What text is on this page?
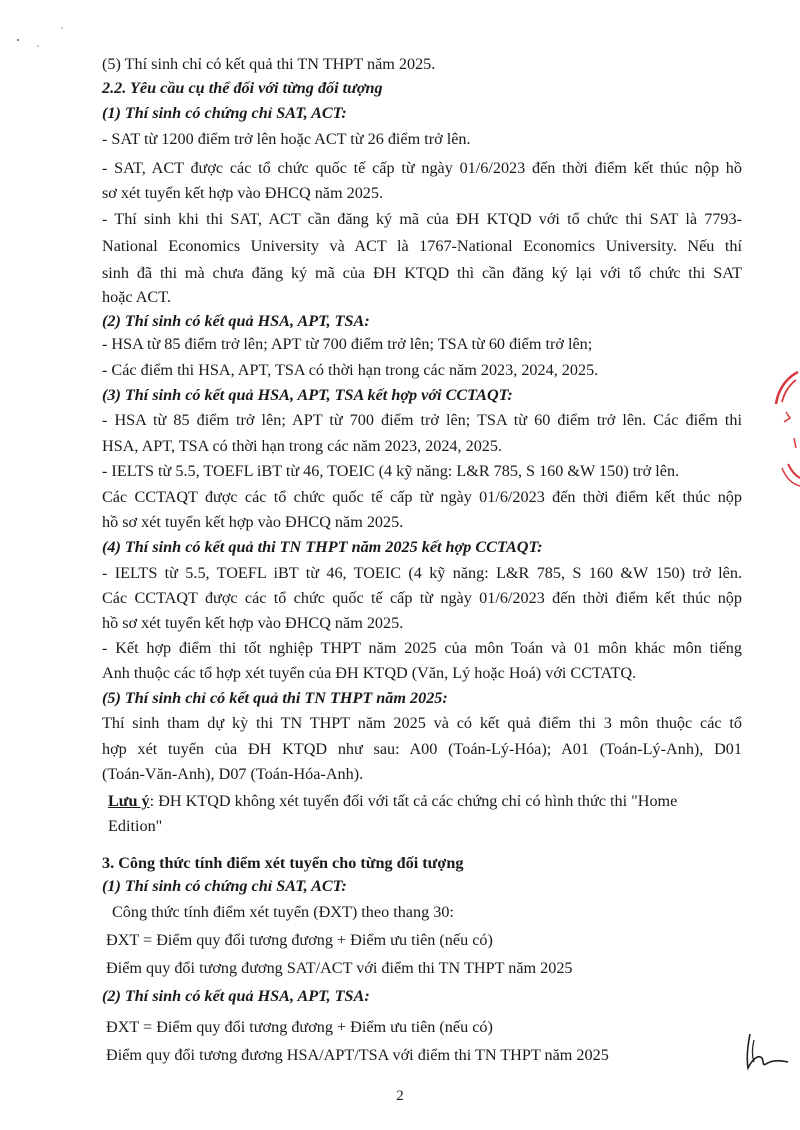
(5) Thí sinh chỉ có kết quả thi TN THPT năm 2025.
2.2. Yêu cầu cụ thể đối với từng đối tượng
(1) Thí sinh có chứng chỉ SAT, ACT:
- SAT từ 1200 điểm trở lên hoặc ACT từ 26 điểm trở lên.
- SAT, ACT được các tổ chức quốc tế cấp từ ngày 01/6/2023 đến thời điểm kết thúc nộp hồ
sơ xét tuyển kết hợp vào ĐHCQ năm 2025.
- Thí sinh khi thi SAT, ACT cần đăng ký mã của ĐH KTQD với tổ chức thi SAT là 7793-
National Economics University và ACT là 1767-National Economics University. Nếu thí
sinh đã thi mà chưa đăng ký mã của ĐH KTQD thì cần đăng ký lại với tổ chức thi SAT
hoặc ACT.
(2) Thí sinh có kết quả HSA, APT, TSA:
- HSA từ 85 điểm trở lên; APT từ 700 điểm trở lên; TSA từ 60 điểm trở lên;
- Các điểm thi HSA, APT, TSA có thời hạn trong các năm 2023, 2024, 2025.
(3) Thí sinh có kết quả HSA, APT, TSA kết hợp với CCTAQT:
- HSA từ 85 điểm trở lên; APT từ 700 điểm trở lên; TSA từ 60 điểm trở lên. Các điểm thi
HSA, APT, TSA có thời hạn trong các năm 2023, 2024, 2025.
- IELTS từ 5.5, TOEFL iBT từ 46, TOEIC (4 kỹ năng: L&R 785, S 160 &W 150) trở lên.
Các CCTAQT được các tổ chức quốc tế cấp từ ngày 01/6/2023 đến thời điểm kết thúc nộp
hồ sơ xét tuyển kết hợp vào ĐHCQ năm 2025.
(4) Thí sinh có kết quả thi TN THPT năm 2025 kết hợp CCTAQT:
- IELTS từ 5.5, TOEFL iBT từ 46, TOEIC (4 kỹ năng: L&R 785, S 160 &W 150) trở lên.
Các CCTAQT được các tổ chức quốc tế cấp từ ngày 01/6/2023 đến thời điểm kết thúc nộp
hồ sơ xét tuyển kết hợp vào ĐHCQ năm 2025.
- Kết hợp điểm thi tốt nghiệp THPT năm 2025 của môn Toán và 01 môn khác môn tiếng
Anh thuộc các tổ hợp xét tuyển của ĐH KTQD (Văn, Lý hoặc Hoá) với CCTATQ.
(5) Thí sinh chỉ có kết quả thi TN THPT năm 2025:
Thí sinh tham dự kỳ thi TN THPT năm 2025 và có kết quả điểm thi 3 môn thuộc các tổ
hợp xét tuyển của ĐH KTQD như sau: A00 (Toán-Lý-Hóa); A01 (Toán-Lý-Anh), D01
(Toán-Văn-Anh), D07 (Toán-Hóa-Anh).
Lưu ý: ĐH KTQD không xét tuyển đối với tất cả các chứng chỉ có hình thức thi "Home
Edition"
3. Công thức tính điểm xét tuyển cho từng đối tượng
(1) Thí sinh có chứng chỉ SAT, ACT:
Công thức tính điểm xét tuyển (ĐXT) theo thang 30:
ĐXT = Điểm quy đổi tương đương + Điểm ưu tiên (nếu có)
Điểm quy đổi tương đương SAT/ACT với điểm thi TN THPT năm 2025
(2) Thí sinh có kết quả HSA, APT, TSA:
ĐXT = Điểm quy đổi tương đương + Điểm ưu tiên (nếu có)
Điểm quy đổi tương đương HSA/APT/TSA với điểm thi TN THPT năm 2025
2
